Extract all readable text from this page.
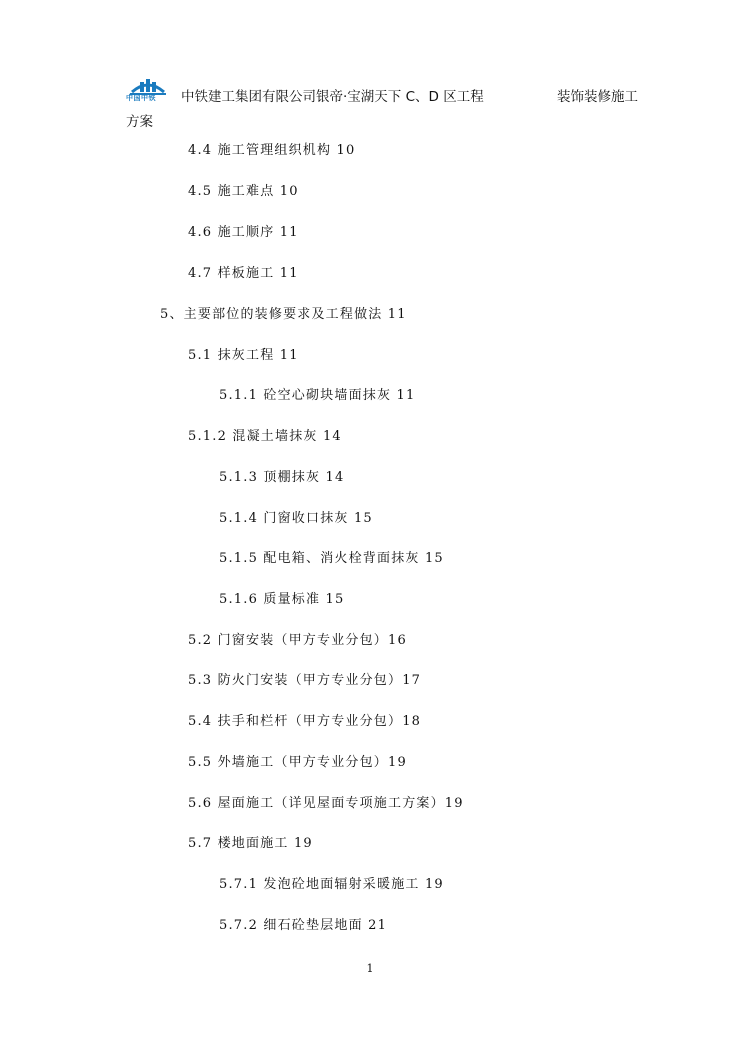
中国中铁	中铁建工集团有限公司银帝·宝湖天下 C、D 区工程	装饰装修施工
方案
4.4 施工管理组织机构 10
4.5 施工难点 10
4.6 施工顺序 11
4.7 样板施工 11
5、主要部位的装修要求及工程做法 11
5.1 抹灰工程 11
5.1.1 砼空心砌块墙面抹灰 11
5.1.2 混凝土墙抹灰 14
5.1.3 顶棚抹灰 14
5.1.4 门窗收口抹灰 15
5.1.5 配电箱、消火栓背面抹灰 15
5.1.6 质量标准 15
5.2 门窗安装（甲方专业分包）16
5.3 防火门安装（甲方专业分包）17
5.4 扶手和栏杆（甲方专业分包）18
5.5 外墙施工（甲方专业分包）19
5.6 屋面施工（详见屋面专项施工方案）19
5.7 楼地面施工 19
5.7.1 发泡砼地面辐射采暖施工 19
5.7.2 细石砼垫层地面 21
1
